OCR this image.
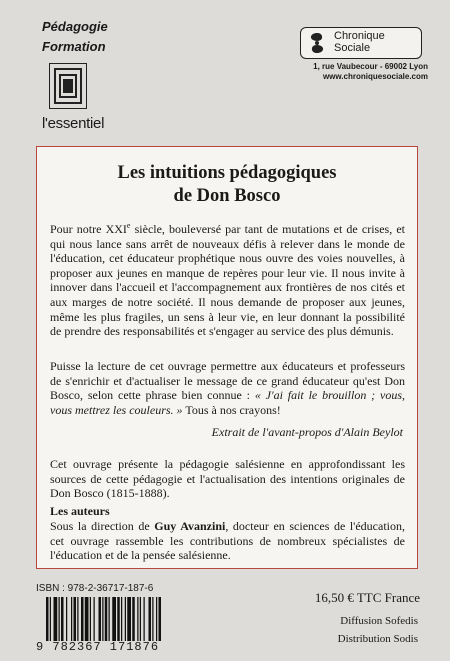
Pédagogie
Formation
l'essentiel
Chronique
Sociale
1, rue Vaubecour - 69002 Lyon
www.chroniquesociale.com
Les intuitions pédagogiques
de Don Bosco

Pour notre XXIe siècle, bouleversé par tant de mutations et de crises, et qui nous lance sans arrêt de nouveaux défis à relever dans le monde de l'éducation, cet éducateur prophétique nous ouvre des voies nouvelles, à proposer aux jeunes en manque de repères pour leur vie. Il nous invite à innover dans l'accueil et l'accompagnement aux frontières de nos cités et aux marges de notre société. Il nous demande de proposer aux jeunes, même les plus fragiles, un sens à leur vie, en leur donnant la possibilité de prendre des responsabilités et s'engager au service des plus démunis.

Puisse la lecture de cet ouvrage permettre aux éducateurs et professeurs de s'enrichir et d'actualiser le message de ce grand éducateur qu'est Don Bosco, selon cette phrase bien connue : « J'ai fait le brouillon ; vous, vous mettrez les couleurs. » Tous à nos crayons!

Extrait de l'avant-propos d'Alain Beylot

Cet ouvrage présente la pédagogie salésienne en approfondissant les sources de cette pédagogie et l'actualisation des intentions originales de Don Bosco (1815-1888).

Les auteurs

Sous la direction de Guy Avanzini, docteur en sciences de l'éducation, cet ouvrage rassemble les contributions de nombreux spécialistes de l'éducation et de la pensée salésienne.

ISBN : 978-2-36717-187-6
9 782367 171876
16,50 € TTC France
Diffusion Sofedis
Distribution Sodis
